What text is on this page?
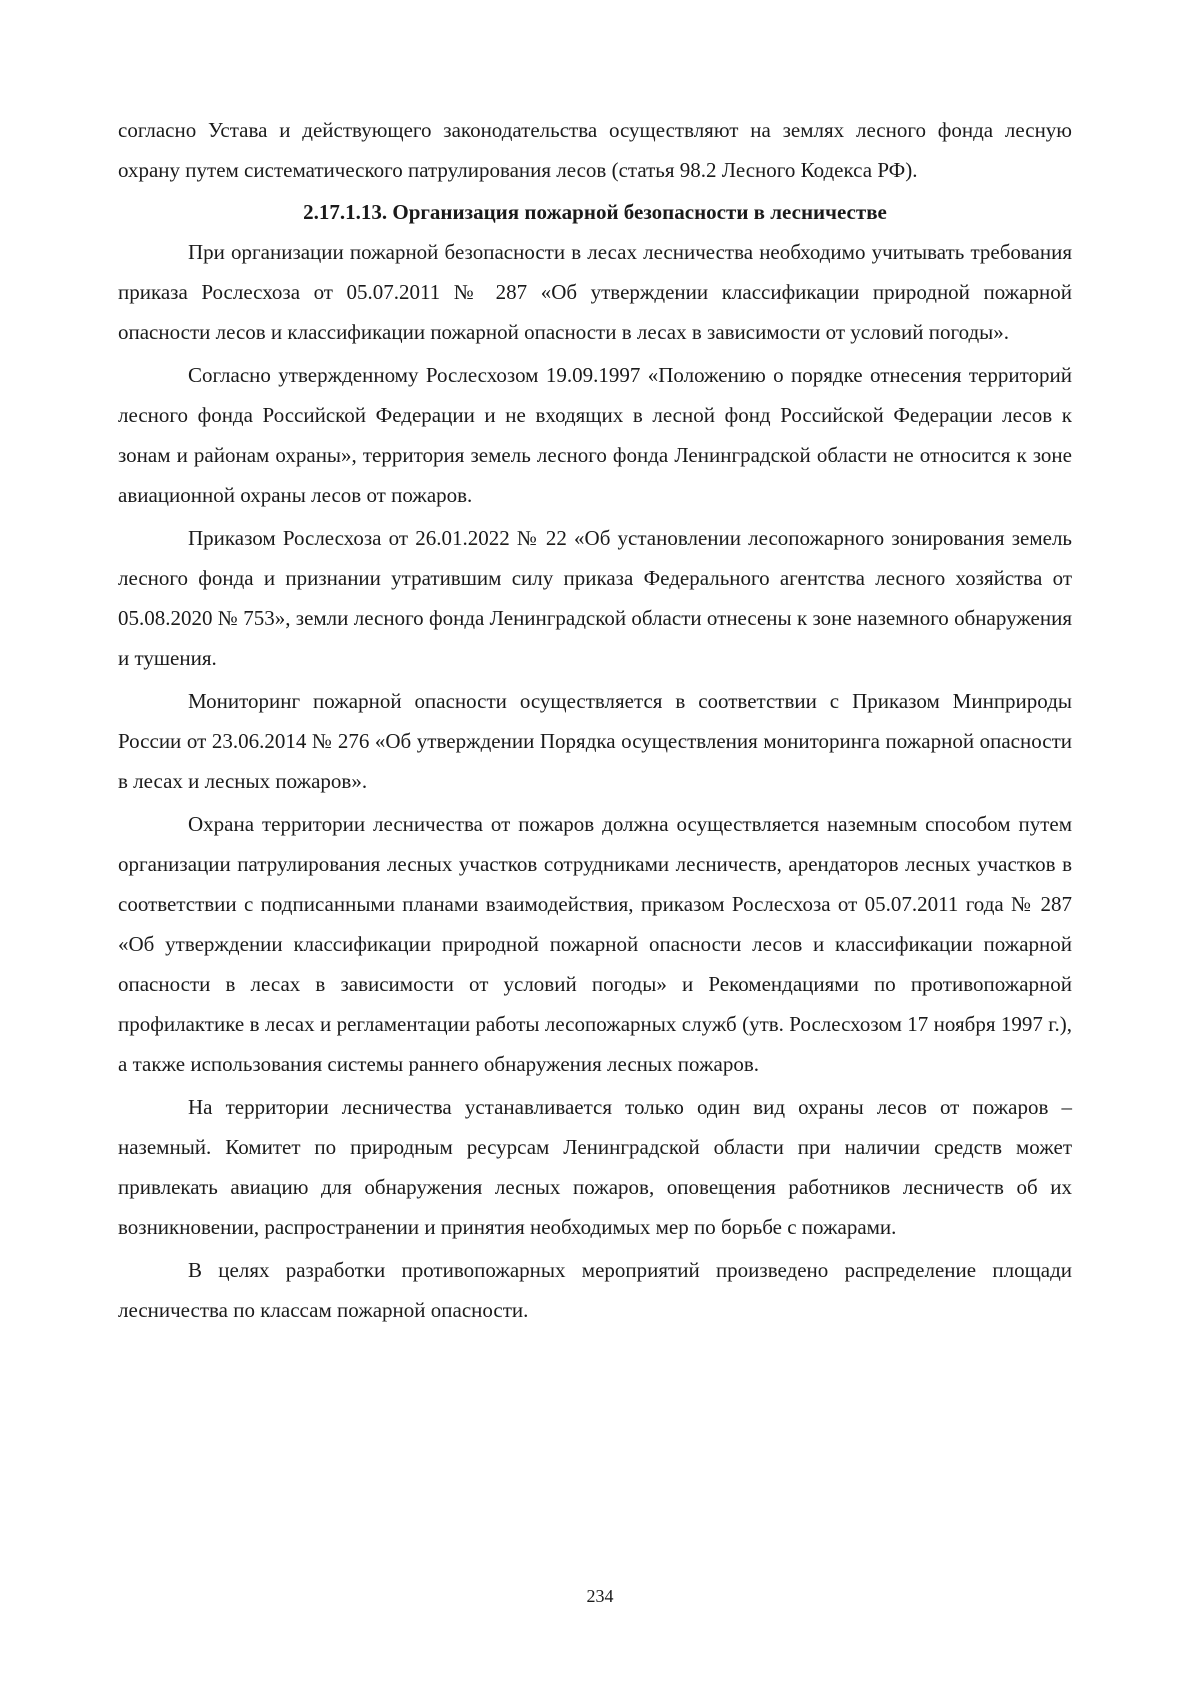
согласно Устава и действующего законодательства осуществляют на землях лесного фонда лесную охрану путем систематического патрулирования лесов (статья 98.2 Лесного Кодекса РФ).

2.17.1.13. Организация пожарной безопасности в лесничестве

При организации пожарной безопасности в лесах лесничества необходимо учитывать требования приказа Рослесхоза от 05.07.2011 № 287 «Об утверждении классификации природной пожарной опасности лесов и классификации пожарной опасности в лесах в зависимости от условий погоды».

Согласно утвержденному Рослесхозом 19.09.1997 «Положению о порядке отнесения территорий лесного фонда Российской Федерации и не входящих в лесной фонд Российской Федерации лесов к зонам и районам охраны», территория земель лесного фонда Ленинградской области не относится к зоне авиационной охраны лесов от пожаров.

Приказом Рослесхоза от 26.01.2022 № 22 «Об установлении лесопожарного зонирования земель лесного фонда и признании утратившим силу приказа Федерального агентства лесного хозяйства от 05.08.2020 № 753», земли лесного фонда Ленинградской области отнесены к зоне наземного обнаружения и тушения.

Мониторинг пожарной опасности осуществляется в соответствии с Приказом Минприроды России от 23.06.2014 № 276 «Об утверждении Порядка осуществления мониторинга пожарной опасности в лесах и лесных пожаров».

Охрана территории лесничества от пожаров должна осуществляется наземным способом путем организации патрулирования лесных участков сотрудниками лесничеств, арендаторов лесных участков в соответствии с подписанными планами взаимодействия, приказом Рослесхоза от 05.07.2011 года № 287 «Об утверждении классификации природной пожарной опасности лесов и классификации пожарной опасности в лесах в зависимости от условий погоды» и Рекомендациями по противопожарной профилактике в лесах и регламентации работы лесопожарных служб (утв. Рослесхозом 17 ноября 1997 г.), а также использования системы раннего обнаружения лесных пожаров.

На территории лесничества устанавливается только один вид охраны лесов от пожаров – наземный. Комитет по природным ресурсам Ленинградской области при наличии средств может привлекать авиацию для обнаружения лесных пожаров, оповещения работников лесничеств об их возникновении, распространении и принятия необходимых мер по борьбе с пожарами.

В целях разработки противопожарных мероприятий произведено распределение площади лесничества по классам пожарной опасности.

234
